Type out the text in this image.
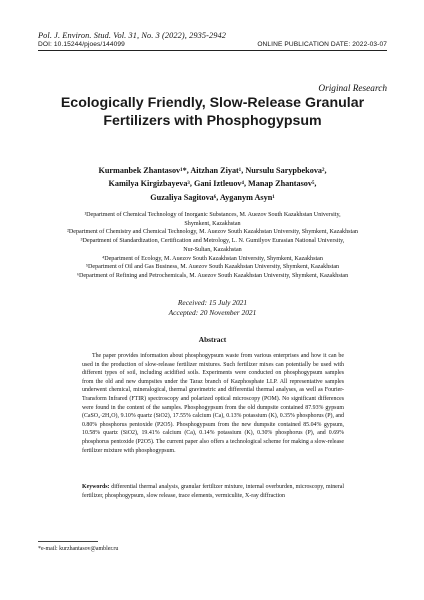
Pol. J. Environ. Stud. Vol. 31, No. 3 (2022), 2935-2942
DOI: 10.15244/pjoes/144099	ONLINE PUBLICATION DATE: 2022-03-07
Original Research
Ecologically Friendly, Slow-Release Granular
Fertilizers with Phosphogypsum
Kurmanbek Zhantasov¹*, Aitzhan Ziyat¹, Nursulu Sarypbekova²,
Kamilya Kirgizbayeva³, Gani Iztleuov⁴, Manap Zhantasov⁵,
Guzaliya Sagitova⁶, Ayganym Asyn¹
¹Department of Chemical Technology of Inorganic Substances, M. Auezov South Kazakhstan University,
Shymkent, Kazakhstan
²Department of Chemistry and Chemical Technology, M. Auezov South Kazakhstan University, Shymkent, Kazakhstan
³Department of Standardization, Certification and Metrology, L. N. Gumilyov Eurasian National University,
Nur-Sultan, Kazakhstan
⁴Department of Ecology, M. Auezov South Kazakhstan University, Shymkent, Kazakhstan
⁵Department of Oil and Gas Business, M. Auezov South Kazakhstan University, Shymkent, Kazakhstan
⁶Department of Refining and Petrochemicals, M. Auezov South Kazakhstan University, Shymkent, Kazakhstan
Received: 15 July 2021
Accepted: 20 November 2021
Abstract
The paper provides information about phosphogypsum waste from various enterprises and how it can be used in the production of slow-release fertilizer mixtures. Such fertilizer mixes can potentially be used with different types of soil, including acidified soils. Experiments were conducted on phosphogypsum samples from the old and new dumpsites under the Taraz branch of Kazphosphate LLP. All representative samples underwent chemical, mineralogical, thermal gravimetric and differential thermal analyses, as well as Fourier-Transform Infrared (FTIR) spectroscopy and polarized optical microscopy (POM). No significant differences were found in the content of the samples. Phosphogypsum from the old dumpsite contained 87.93% gypsum (CaSO₄·2H₂O), 9.10% quartz (SiO2), 17.55% calcium (Ca), 0.13% potassium (K), 0.35% phosphorus (P), and 0.80% phosphorus pentoxide (P2O5). Phosphogypsum from the new dumpsite contained 85.04% gypsum, 10.58% quartz (SiO2), 19.41% calcium (Ca), 0.14% potassium (K), 0.30% phosphorus (P), and 0.69% phosphorus pentoxide (P2O5). The current paper also offers a technological scheme for making a slow-release fertilizer mixture with phosphogypsum.
Keywords: differential thermal analysis, granular fertilizer mixture, internal overburden, microscopy, mineral fertilizer, phosphogypsum, slow release, trace elements, vermiculite, X-ray diffraction
*e-mail: kurzhantasov@ambler.ru
